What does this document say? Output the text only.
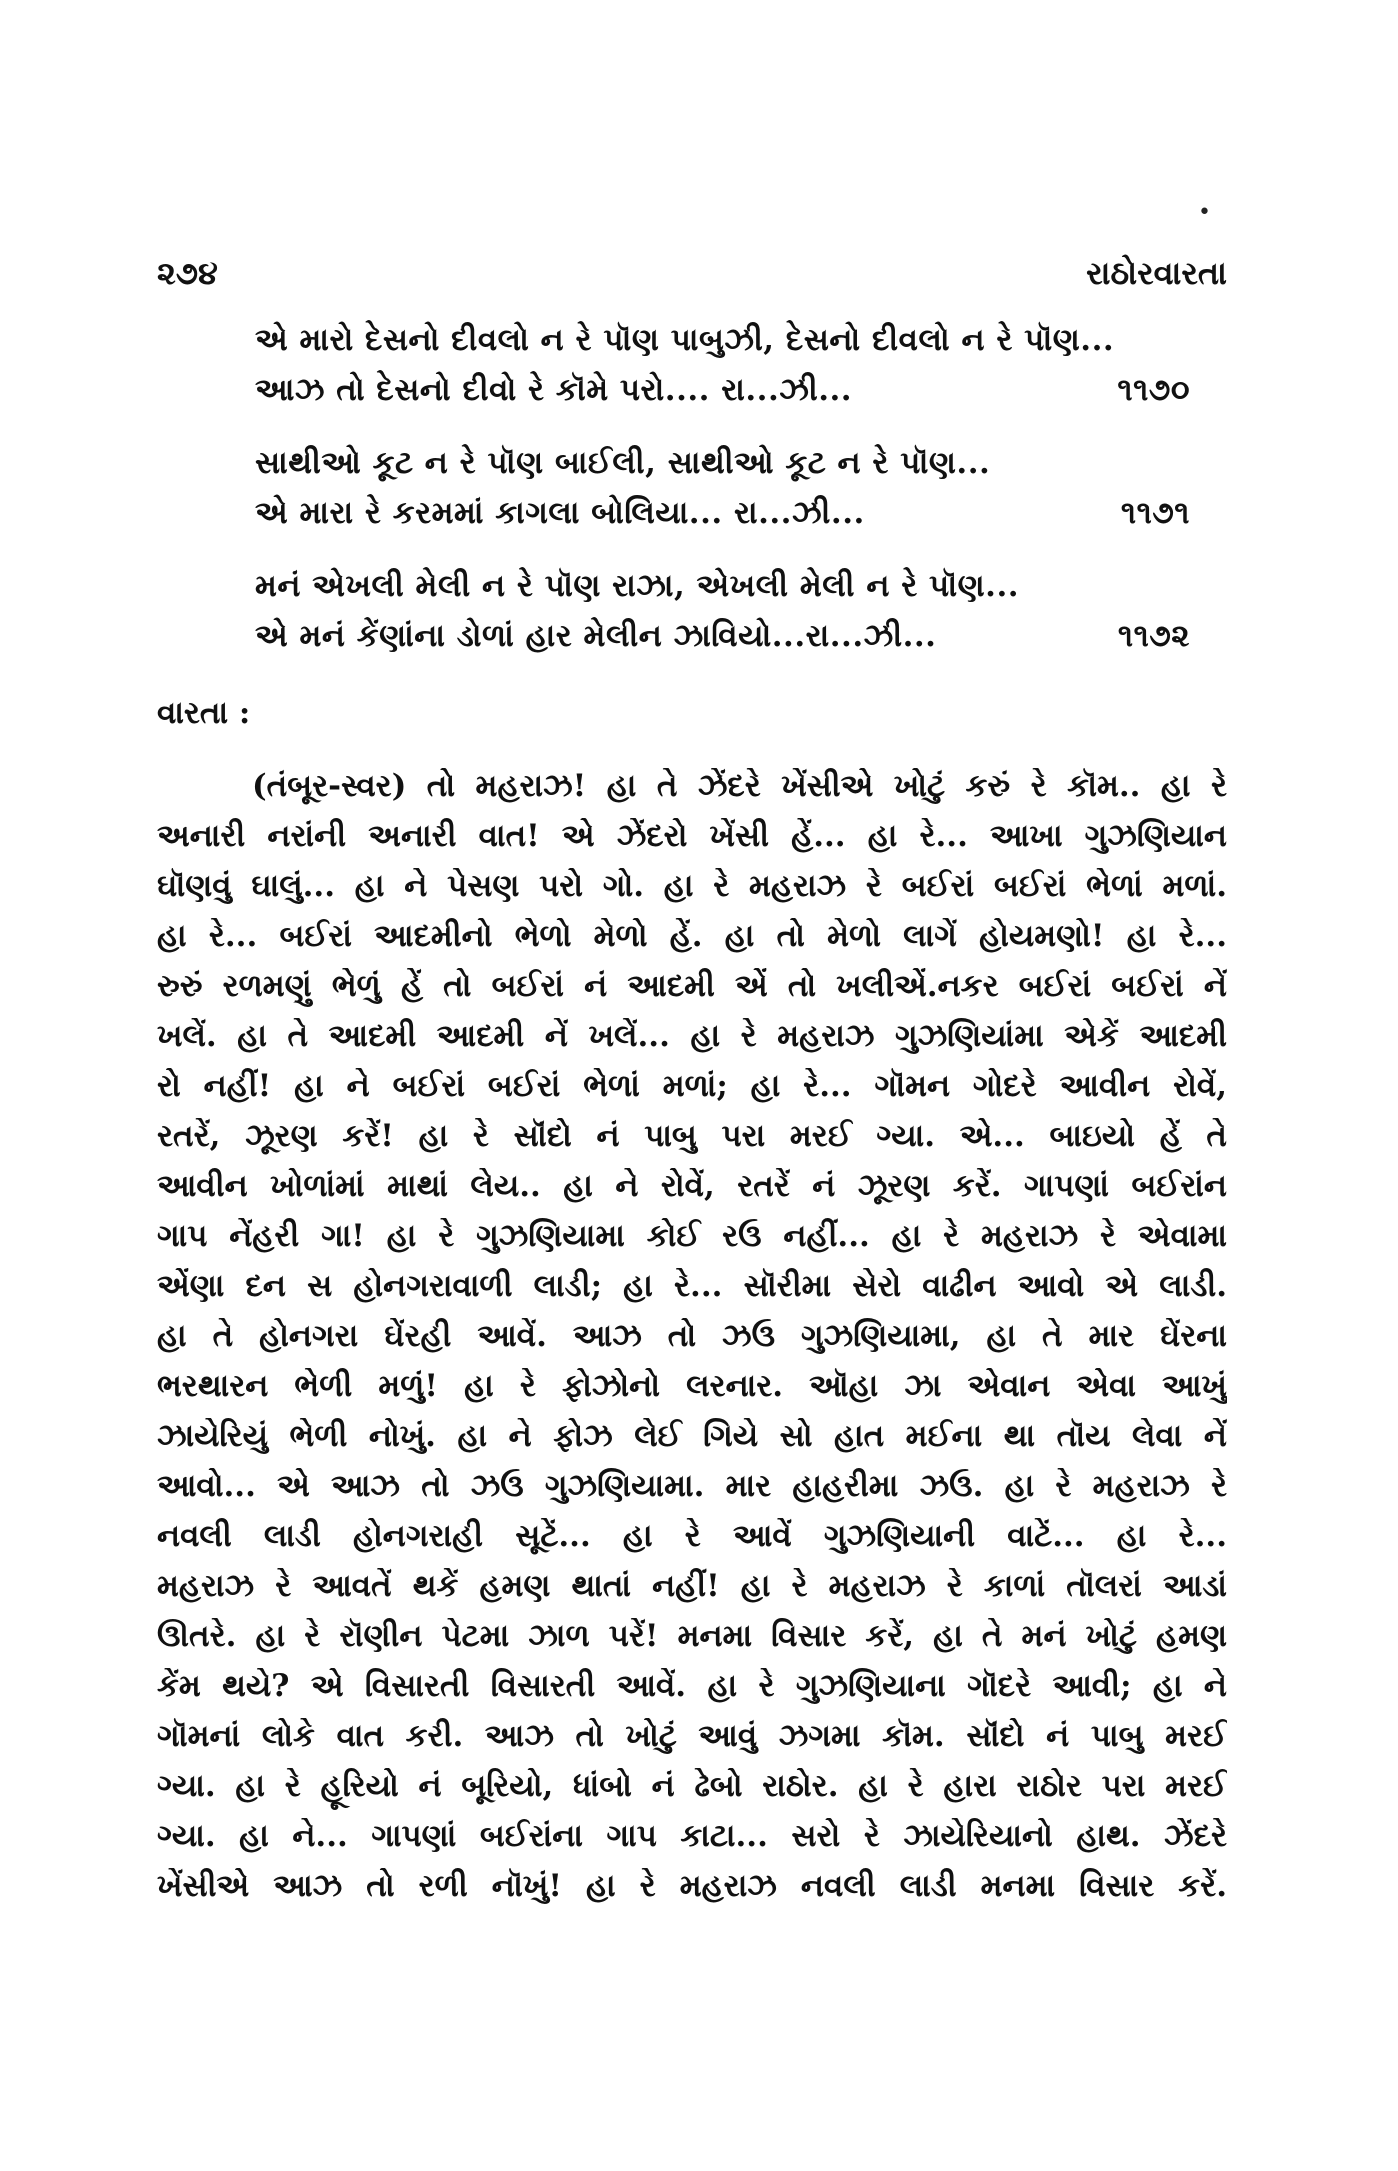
•
૨૭૪	રાઠોરવારતા
એ મારો દેસનો દીવલો ન રે પૉણ પાબુઝી, દેસનો દીવલો ન રે પૉણ...
આઝ તો દેસનો દીવો રે કૉમે પરો.... રા...ઝી...	૧૧૭૦
સાથીઓ કૂટ ન રે પૉણ બાઈલી, સાથીઓ કૂટ ન રે પૉણ...
એ મારા રે કરમમાં કાગલા બોલિયા... રા...ઝી...	૧૧૭૧
મનં એખલી મેલી ન રે પૉણ રાઝા, એખલી મેલી ન રે પૉણ...
એ મનં કેંણાંના ડોળાં હાર મેલીન ઝાવિયો...રા...ઝી...	૧૧૭૨
વારતા :
(તંબૂર-સ્વર) તો મહરાઝ! હા તે ઝેંદરે ખેંસીએ ખોટું કરું રે કૉમ.. હા રે
અનારી નરાંની અનારી વાત! એ ઝેંદરો ખેંસી હેં... હા રે... આખા ગુઝણિયાન
ઘૉણવું ઘાલું... હા ને પેસણ પરો ગો. હા રે મહરાઝ રે બઈરાં બઈરાં ભેળાં મળાં.
હા રે... બઈરાં આદમીનો ભેળો મેળો હેં. હા તો મેળો લાગેં હોયમણો! હા રે...
રુરું રળમણું ભેળું હેં તો બઈરાં નં આદમી એં તો ખલીએં.નકર બઈરાં બઈરાં નેં
ખલેં. હા તે આદમી આદમી નેં ખલેં... હા રે મહરાઝ ગુઝણિયાંમા એકેં આદમી
રો નહીં! હા ને બઈરાં બઈરાં ભેળાં મળાં; હા રે... ગૉમન ગોદરે આવીન રોવેં,
રતરેં, ઝૂરણ કરેં! હા રે સૉંદો નં પાબુ પરા મરઈ ગ્યા. એ... બાઇયો હેં તે
આવીન ખોળાંમાં માથાં લેય.. હા ને રોવેં, રતરેં નં ઝૂરણ કરેં. ગાપણાં બઈરાંન
ગાપ નેંહરી ગા! હા રે ગુઝણિયામા કોઈ રઉં નહીં... હા રે મહરાઝ રે એવામા
એંણા દન સ હોનગરાવાળી લાડી; હા રે... સૉરીમા સેરો વાઢીન આવો એ લાડી.
હા તે હોનગરા ઘેંરહી આવેં. આઝ તો ઝઉં ગુઝણિયામા, હા તે માર ઘેંરના
ભરથારન ભેળી મળું! હા રે ફોઝોનો લરનાર. ઑહા ઝા એવાન એવા આખું
ઝાયેરિયું ભેળી નોખું. હા ને ફોઝ લેઈ ગિયે સો હાત મઈના થા તૉય લેવા નેં
આવો... એ આઝ તો ઝઉં ગુઝણિયામા. માર હાહરીમા ઝઉં. હા રે મહરાઝ રે
નવલી લાડી હોનગરાહી સૂટેં... હા રે આવેં ગુઝણિયાની વાટેં... હા રે...
મહરાઝ રે આવતેં થકેં હમણ થાતાં નહીં! હા રે મહરાઝ રે કાળાં તૉલરાં આડાં
ઊતરે. હા રે રૉણીન પેટમા ઝાળ પરેં! મનમા વિસાર કરેં, હા તે મનં ખોટું હમણ
કેંમ થયે? એ વિસારતી વિસારતી આવેં. હા રે ગુઝણિયાના ગૉદરે આવી; હા ને
ગૉમનાં લોકે વાત કરી. આઝ તો ખોટું આવું ઝગમા કૉમ. સૉંદો નં પાબુ મરઈ
ગ્યા. હા રે હૂરિયો નં બૂરિયો, ધાંબો નં ઢેબો રાઠોર. હા રે હારા રાઠોર પરા મરઈ
ગ્યા. હા ને... ગાપણાં બઈરાંના ગાપ કાટા... સરો રે ઝાયેરિયાનો હાથ. ઝેંદરે
ખેંસીએ આઝ તો રળી નૉખું! હા રે મહરાઝ નવલી લાડી મનમા વિસાર કરેં.
